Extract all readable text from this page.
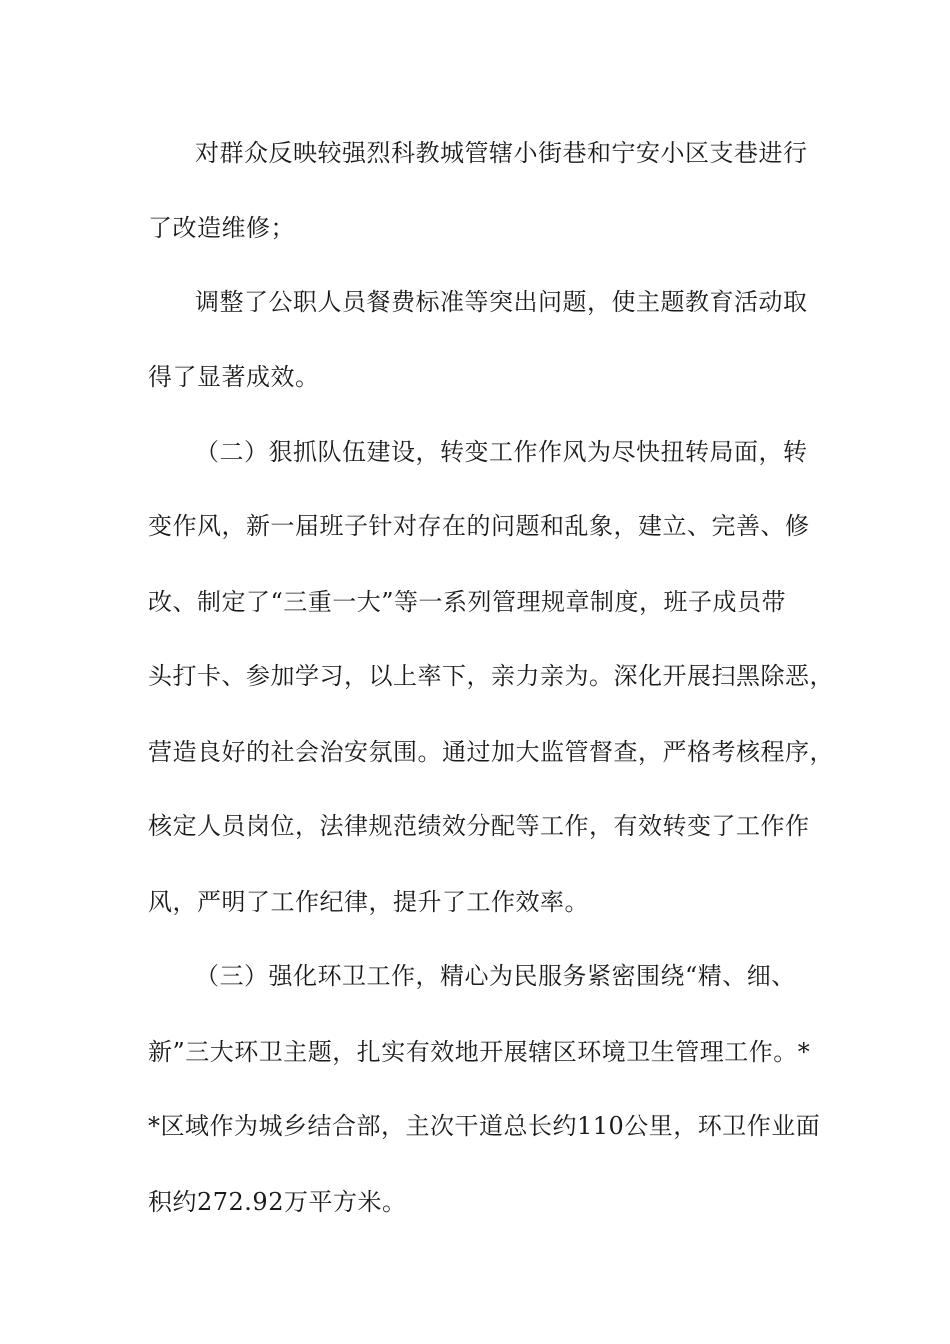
对群众反映较强烈科教城管辖小街巷和宁安小区支巷进行
了改造维修；
调整了公职人员餐费标准等突出问题，使主题教育活动取
得了显著成效。
（二）狠抓队伍建设，转变工作作风为尽快扭转局面，转
变作风，新一届班子针对存在的问题和乱象，建立、完善、修
改、制定了“三重一大”等一系列管理规章制度，班子成员带
头打卡、参加学习，以上率下，亲力亲为。深化开展扫黑除恶，
营造良好的社会治安氛围。通过加大监管督查，严格考核程序，
核定人员岗位，法律规范绩效分配等工作，有效转变了工作作
风，严明了工作纪律，提升了工作效率。
（三）强化环卫工作，精心为民服务紧密围绕“精、细、
新”三大环卫主题，扎实有效地开展辖区环境卫生管理工作。*
*区域作为城乡结合部，主次干道总长约110公里，环卫作业面
积约272.92万平方米。
